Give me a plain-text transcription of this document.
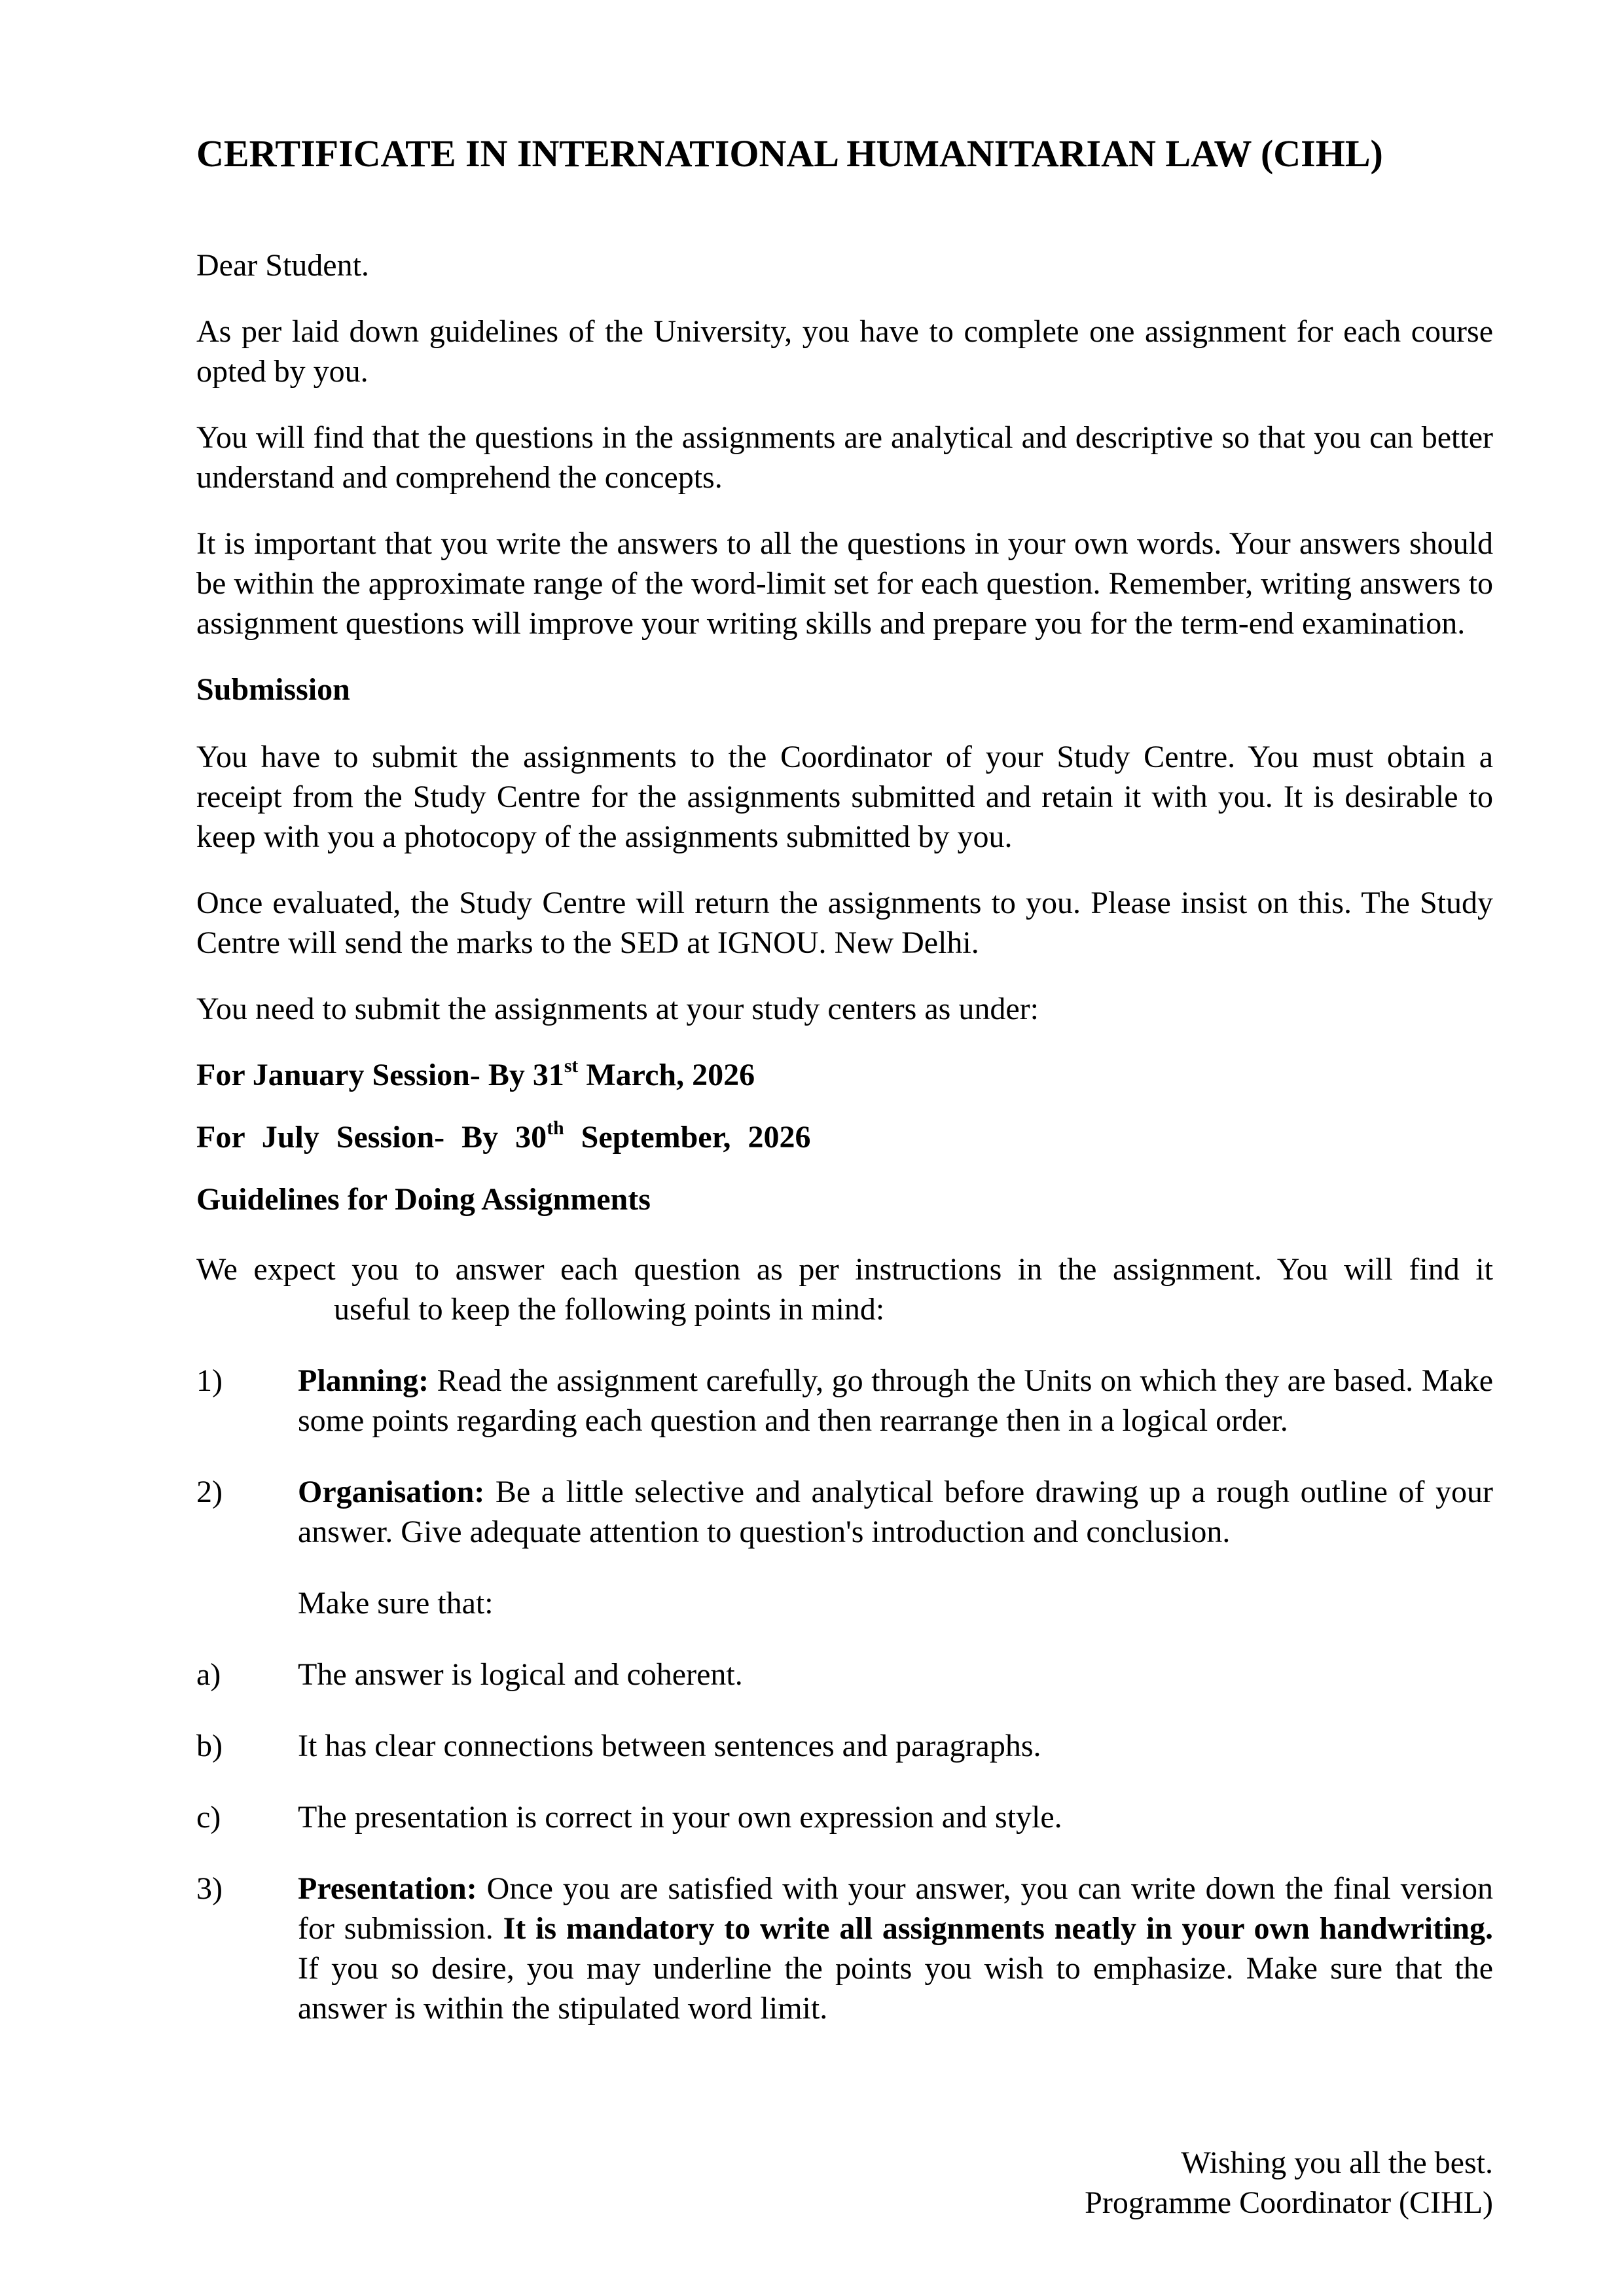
CERTIFICATE IN INTERNATIONAL HUMANITARIAN LAW (CIHL)

Dear Student.

As per laid down guidelines of the University, you have to complete one assignment for each course opted by you.

You will find that the questions in the assignments are analytical and descriptive so that you can better understand and comprehend the concepts.

It is important that you write the answers to all the questions in your own words. Your answers should be within the approximate range of the word-limit set for each question. Remember, writing answers to assignment questions will improve your writing skills and prepare you for the term-end examination.

Submission

You have to submit the assignments to the Coordinator of your Study Centre. You must obtain a receipt from the Study Centre for the assignments submitted and retain it with you. It is desirable to keep with you a photocopy of the assignments submitted by you.

Once evaluated, the Study Centre will return the assignments to you. Please insist on this. The Study Centre will send the marks to the SED at IGNOU. New Delhi.

You need to submit the assignments at your study centers as under:

For January Session- By 31st March, 2026

For July Session- By 30th September, 2026

Guidelines for Doing Assignments

We expect you to answer each question as per instructions in the assignment. You will find it

useful to keep the following points in mind:

1)	Planning: Read the assignment carefully, go through the Units on which they are based. Make some points regarding each question and then rearrange then in a logical order.
2)	Organisation: Be a little selective and analytical before drawing up a rough outline of your answer. Give adequate attention to question's introduction and conclusion.

Make sure that:

a)	The answer is logical and coherent.
b)	It has clear connections between sentences and paragraphs.
c)	The presentation is correct in your own expression and style.
3)	Presentation: Once you are satisfied with your answer, you can write down the final version for submission. It is mandatory to write all assignments neatly in your own handwriting. If you so desire, you may underline the points you wish to emphasize. Make sure that the answer is within the stipulated word limit.
Wishing you all the best.
Programme Coordinator (CIHL)
